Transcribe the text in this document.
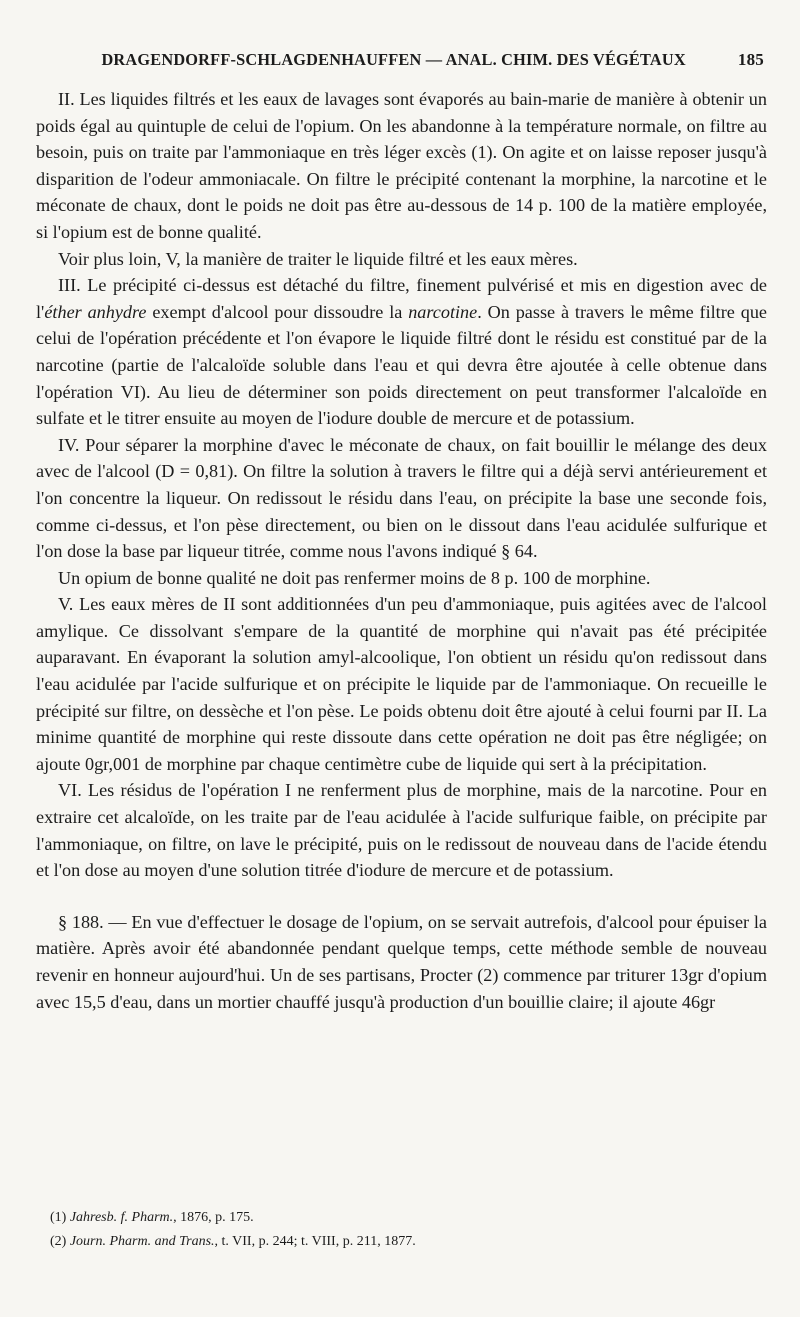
DRAGENDORFF-SCHLAGDENHAUFFEN — ANAL. CHIM. DES VÉGÉTAUX	185

II. Les liquides filtrés et les eaux de lavages sont évaporés au bain-marie de manière à obtenir un poids égal au quintuple de celui de l'opium. On les abandonne à la température normale, on filtre au besoin, puis on traite par l'ammoniaque en très léger excès (1). On agite et on laisse reposer jusqu'à disparition de l'odeur ammoniacale. On filtre le précipité contenant la morphine, la narcotine et le méconate de chaux, dont le poids ne doit pas être au-dessous de 14 p. 100 de la matière employée, si l'opium est de bonne qualité.

Voir plus loin, V, la manière de traiter le liquide filtré et les eaux mères.

III. Le précipité ci-dessus est détaché du filtre, finement pulvérisé et mis en digestion avec de l'éther anhydre exempt d'alcool pour dissoudre la narcotine. On passe à travers le même filtre que celui de l'opération précédente et l'on évapore le liquide filtré dont le résidu est constitué par de la narcotine (partie de l'alcaloïde soluble dans l'eau et qui devra être ajoutée à celle obtenue dans l'opération VI). Au lieu de déterminer son poids directement on peut transformer l'alcaloïde en sulfate et le titrer ensuite au moyen de l'iodure double de mercure et de potassium.

IV. Pour séparer la morphine d'avec le méconate de chaux, on fait bouillir le mélange des deux avec de l'alcool (D = 0,81). On filtre la solution à travers le filtre qui a déjà servi antérieurement et l'on concentre la liqueur. On redissout le résidu dans l'eau, on précipite la base une seconde fois, comme ci-dessus, et l'on pèse directement, ou bien on le dissout dans l'eau acidulée sulfurique et l'on dose la base par liqueur titrée, comme nous l'avons indiqué § 64.

Un opium de bonne qualité ne doit pas renfermer moins de 8 p. 100 de morphine.

V. Les eaux mères de II sont additionnées d'un peu d'ammoniaque, puis agitées avec de l'alcool amylique. Ce dissolvant s'empare de la quantité de morphine qui n'avait pas été précipitée auparavant. En évaporant la solution amyl-alcoolique, l'on obtient un résidu qu'on redissout dans l'eau acidulée par l'acide sulfurique et on précipite le liquide par de l'ammoniaque. On recueille le précipité sur filtre, on dessèche et l'on pèse. Le poids obtenu doit être ajouté à celui fourni par II. La minime quantité de morphine qui reste dissoute dans cette opération ne doit pas être négligée; on ajoute 0gr,001 de morphine par chaque centimètre cube de liquide qui sert à la précipitation.

VI. Les résidus de l'opération I ne renferment plus de morphine, mais de la narcotine. Pour en extraire cet alcaloïde, on les traite par de l'eau acidulée à l'acide sulfurique faible, on précipite par l'ammoniaque, on filtre, on lave le précipité, puis on le redissout de nouveau dans de l'acide étendu et l'on dose au moyen d'une solution titrée d'iodure de mercure et de potassium.

§ 188. — En vue d'effectuer le dosage de l'opium, on se servait autrefois, d'alcool pour épuiser la matière. Après avoir été abandonnée pendant quelque temps, cette méthode semble de nouveau revenir en honneur aujourd'hui. Un de ses partisans, Procter (2) commence par triturer 13gr d'opium avec 15,5 d'eau, dans un mortier chauffé jusqu'à production d'un bouillie claire; il ajoute 46gr

(1) Jahresb. f. Pharm., 1876, p. 175.
(2) Journ. Pharm. and Trans., t. VII, p. 244; t. VIII, p. 211, 1877.
